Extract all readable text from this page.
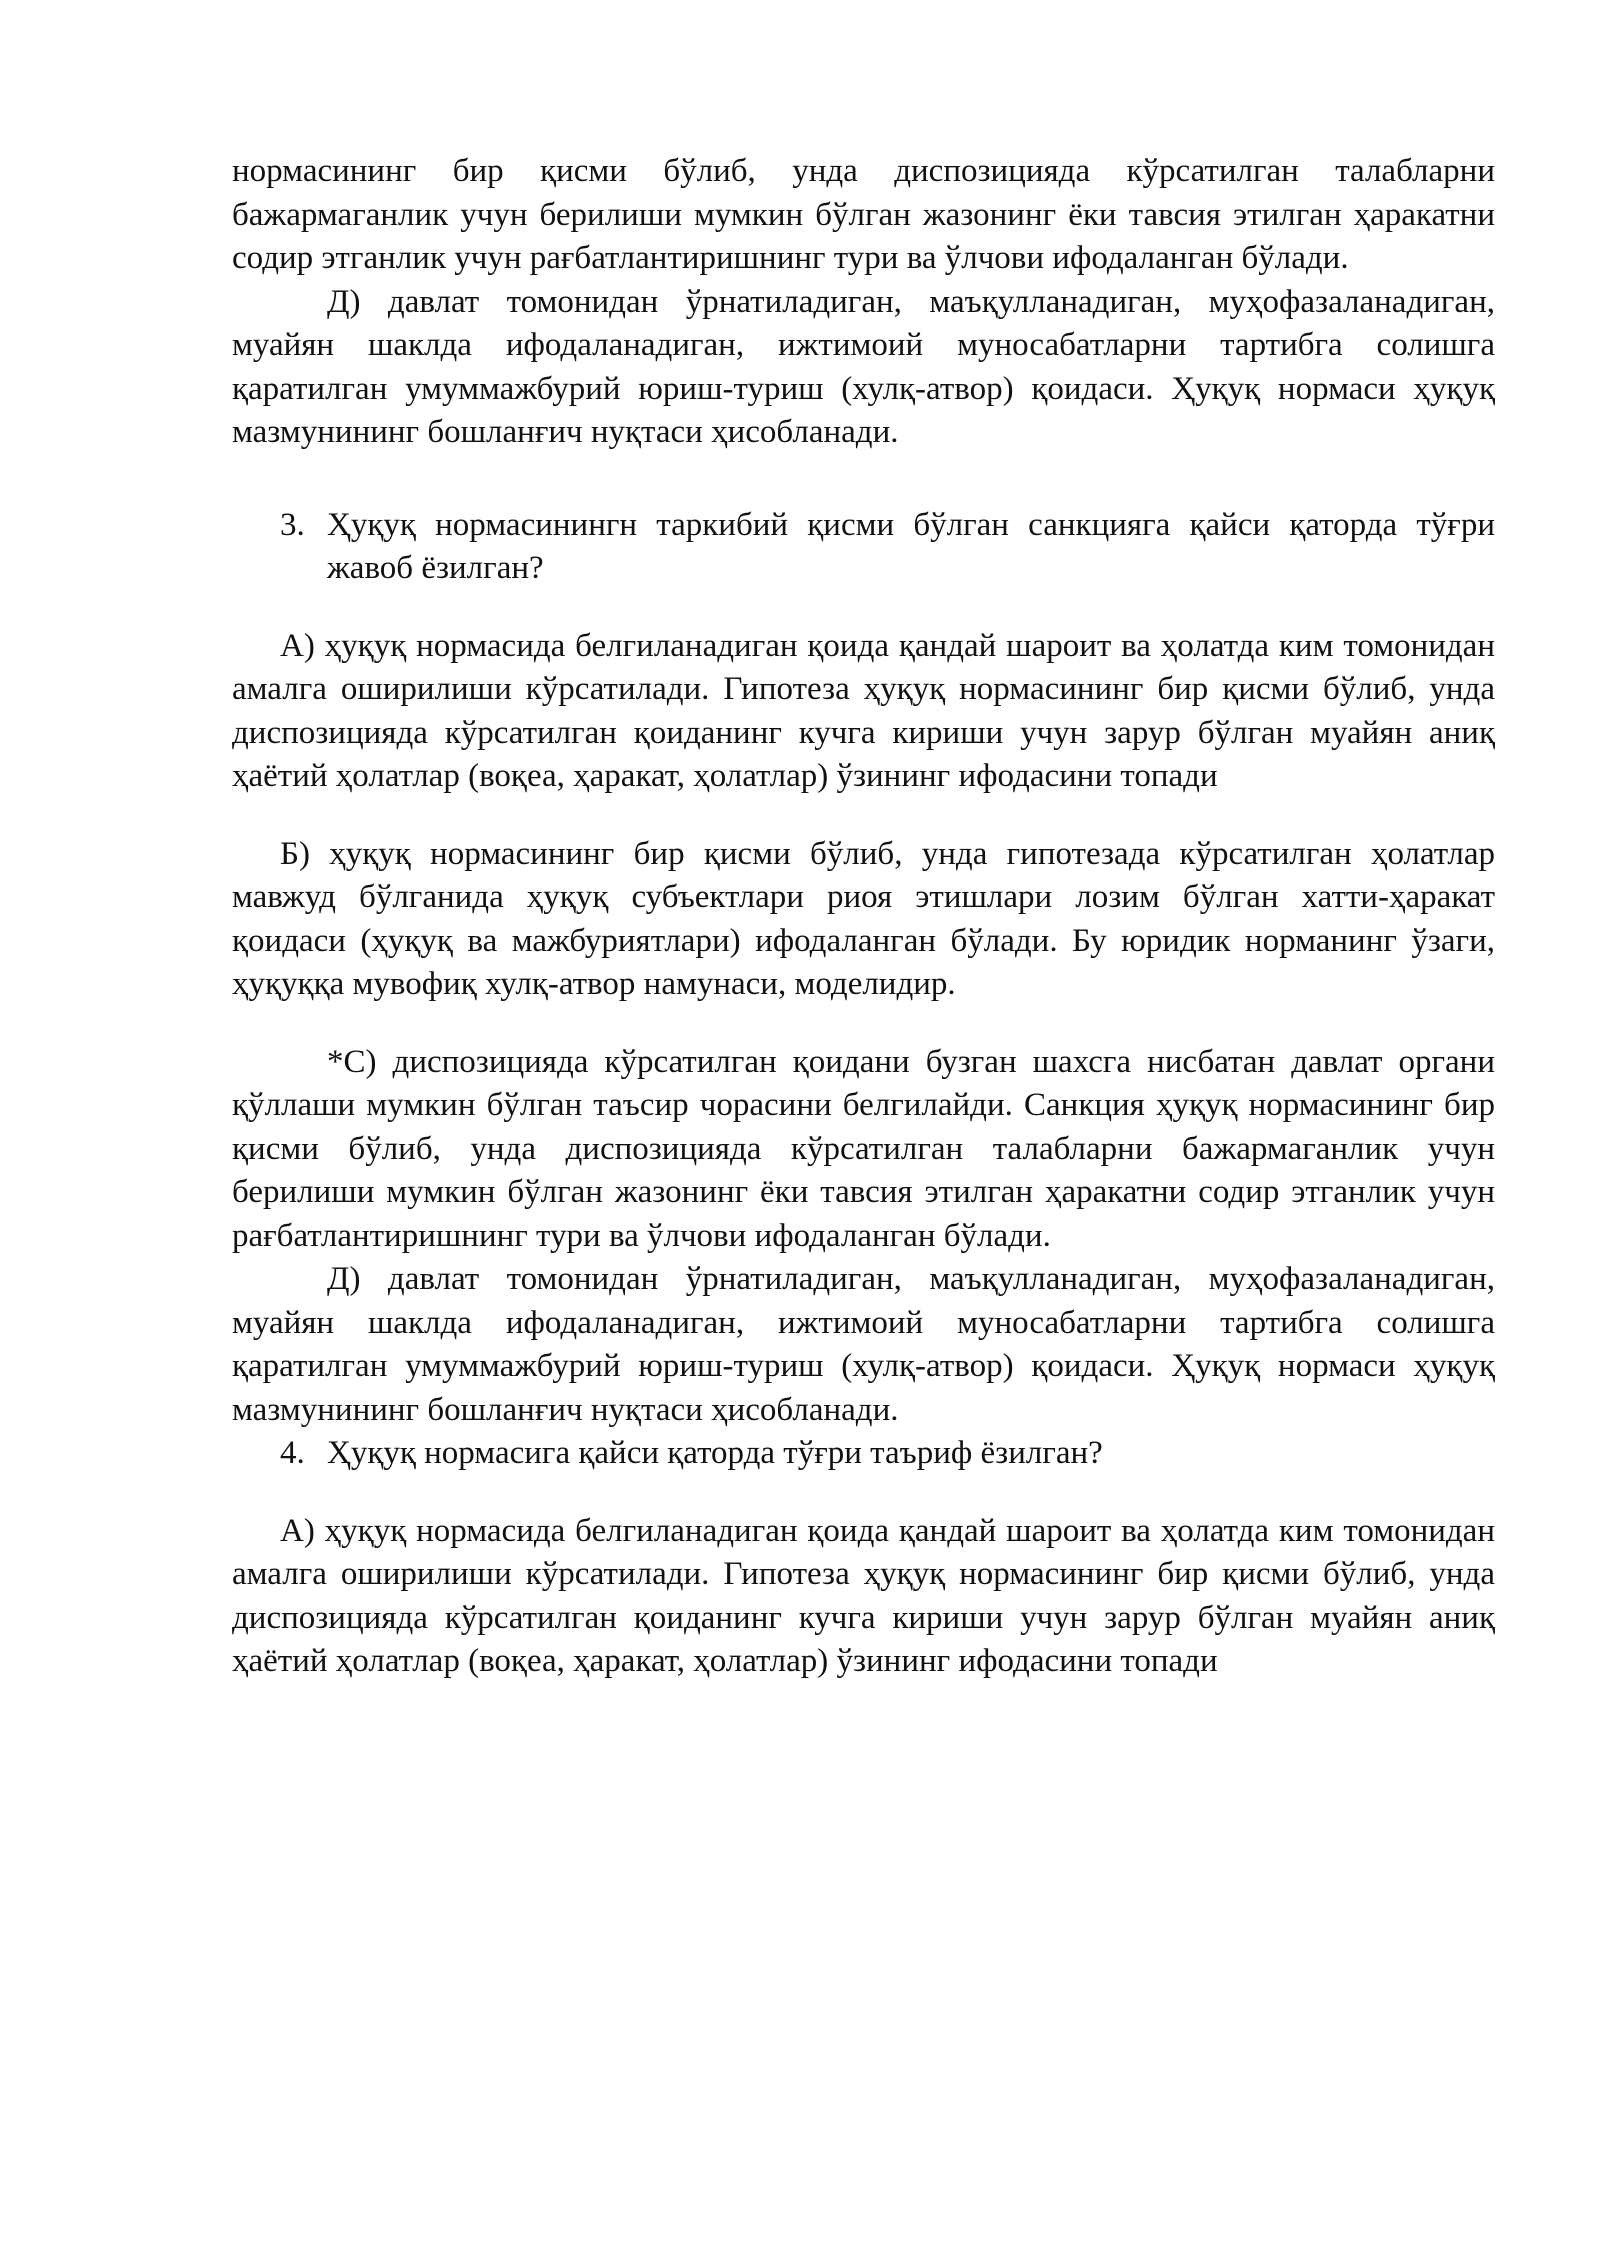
нормасининг бир қисми бўлиб, унда диспозицияда кўрсатилган талабларни бажармаганлик учун берилиши мумкин бўлган жазонинг ёки тавсия этилган ҳаракатни содир этганлик учун рағбатлантиришнинг тури ва ўлчови ифодаланган бўлади.

Д) давлат томонидан ўрнатиладиган, маъқулланадиган, муҳофазаланадиган, муайян шаклда ифодаланадиган, ижтимоий муносабатларни тартибга солишга қаратилган умуммажбурий юриш-туриш (хулқ-атвор) қоидаси. Ҳуқуқ нормаси ҳуқуқ мазмунининг бошланғич нуқтаси ҳисобланади.

3. Ҳуқуқ нормасинингн таркибий қисми бўлган санкцияга қайси қаторда тўғри жавоб ёзилган?

А) ҳуқуқ нормасида белгиланадиган қоида қандай шароит ва ҳолатда ким томонидан амалга оширилиши кўрсатилади. Гипотеза ҳуқуқ нормасининг бир қисми бўлиб, унда диспозицияда кўрсатилган қоиданинг кучга кириши учун зарур бўлган муайян аниқ ҳаётий ҳолатлар (воқеа, ҳаракат, ҳолатлар) ўзининг ифодасини топади

Б) ҳуқуқ нормасининг бир қисми бўлиб, унда гипотезада кўрсатилган ҳолатлар мавжуд бўлганида ҳуқуқ субъектлари риоя этишлари лозим бўлган хатти-ҳаракат қоидаси (ҳуқуқ ва мажбуриятлари) ифодаланган бўлади. Бу юридик норманинг ўзаги, ҳуқуққа мувофиқ хулқ-атвор намунаси, моделидир.

*С) диспозицияда кўрсатилган қоидани бузган шахсга нисбатан давлат органи қўллаши мумкин бўлган таъсир чорасини белгилайди. Санкция ҳуқуқ нормасининг бир қисми бўлиб, унда диспозицияда кўрсатилган талабларни бажармаганлик учун берилиши мумкин бўлган жазонинг ёки тавсия этилган ҳаракатни содир этганлик учун рағбатлантиришнинг тури ва ўлчови ифодаланган бўлади.

Д) давлат томонидан ўрнатиладиган, маъқулланадиган, муҳофазаланадиган, муайян шаклда ифодаланадиган, ижтимоий муносабатларни тартибга солишга қаратилган умуммажбурий юриш-туриш (хулқ-атвор) қоидаси. Ҳуқуқ нормаси ҳуқуқ мазмунининг бошланғич нуқтаси ҳисобланади.

4. Ҳуқуқ нормасига қайси қаторда тўғри таъриф ёзилган?

А) ҳуқуқ нормасида белгиланадиган қоида қандай шароит ва ҳолатда ким томонидан амалга оширилиши кўрсатилади. Гипотеза ҳуқуқ нормасининг бир қисми бўлиб, унда диспозицияда кўрсатилган қоиданинг кучга кириши учун зарур бўлган муайян аниқ ҳаётий ҳолатлар (воқеа, ҳаракат, ҳолатлар) ўзининг ифодасини топади
